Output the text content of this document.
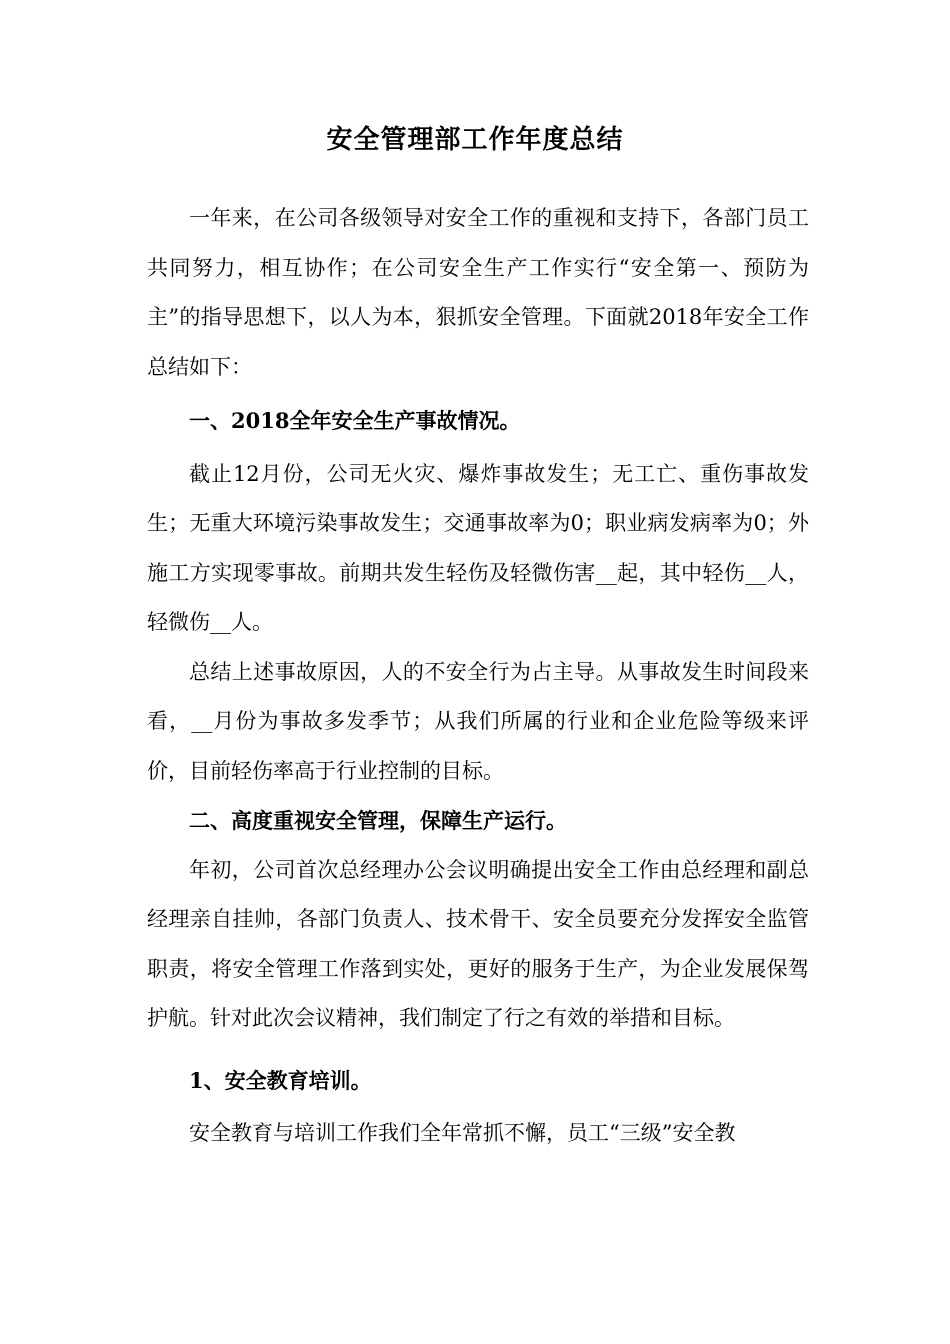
安全管理部工作年度总结

一年来，在公司各级领导对安全工作的重视和支持下，各部门员工共同努力，相互协作；在公司安全生产工作实行“安全第一、预防为主”的指导思想下，以人为本，狠抓安全管理。下面就2018年安全工作总结如下：

一、2018全年安全生产事故情况。

截止12月份，公司无火灾、爆炸事故发生；无工亡、重伤事故发生；无重大环境污染事故发生；交通事故率为0；职业病发病率为0；外施工方实现零事故。前期共发生轻伤及轻微伤害__起，其中轻伤__人，轻微伤__人。

总结上述事故原因，人的不安全行为占主导。从事故发生时间段来看，__月份为事故多发季节；从我们所属的行业和企业危险等级来评价，目前轻伤率高于行业控制的目标。

二、高度重视安全管理，保障生产运行。

年初，公司首次总经理办公会议明确提出安全工作由总经理和副总经理亲自挂帅，各部门负责人、技术骨干、安全员要充分发挥安全监管职责，将安全管理工作落到实处，更好的服务于生产，为企业发展保驾护航。针对此次会议精神，我们制定了行之有效的举措和目标。

1、安全教育培训。

安全教育与培训工作我们全年常抓不懈，员工“三级”安全教
